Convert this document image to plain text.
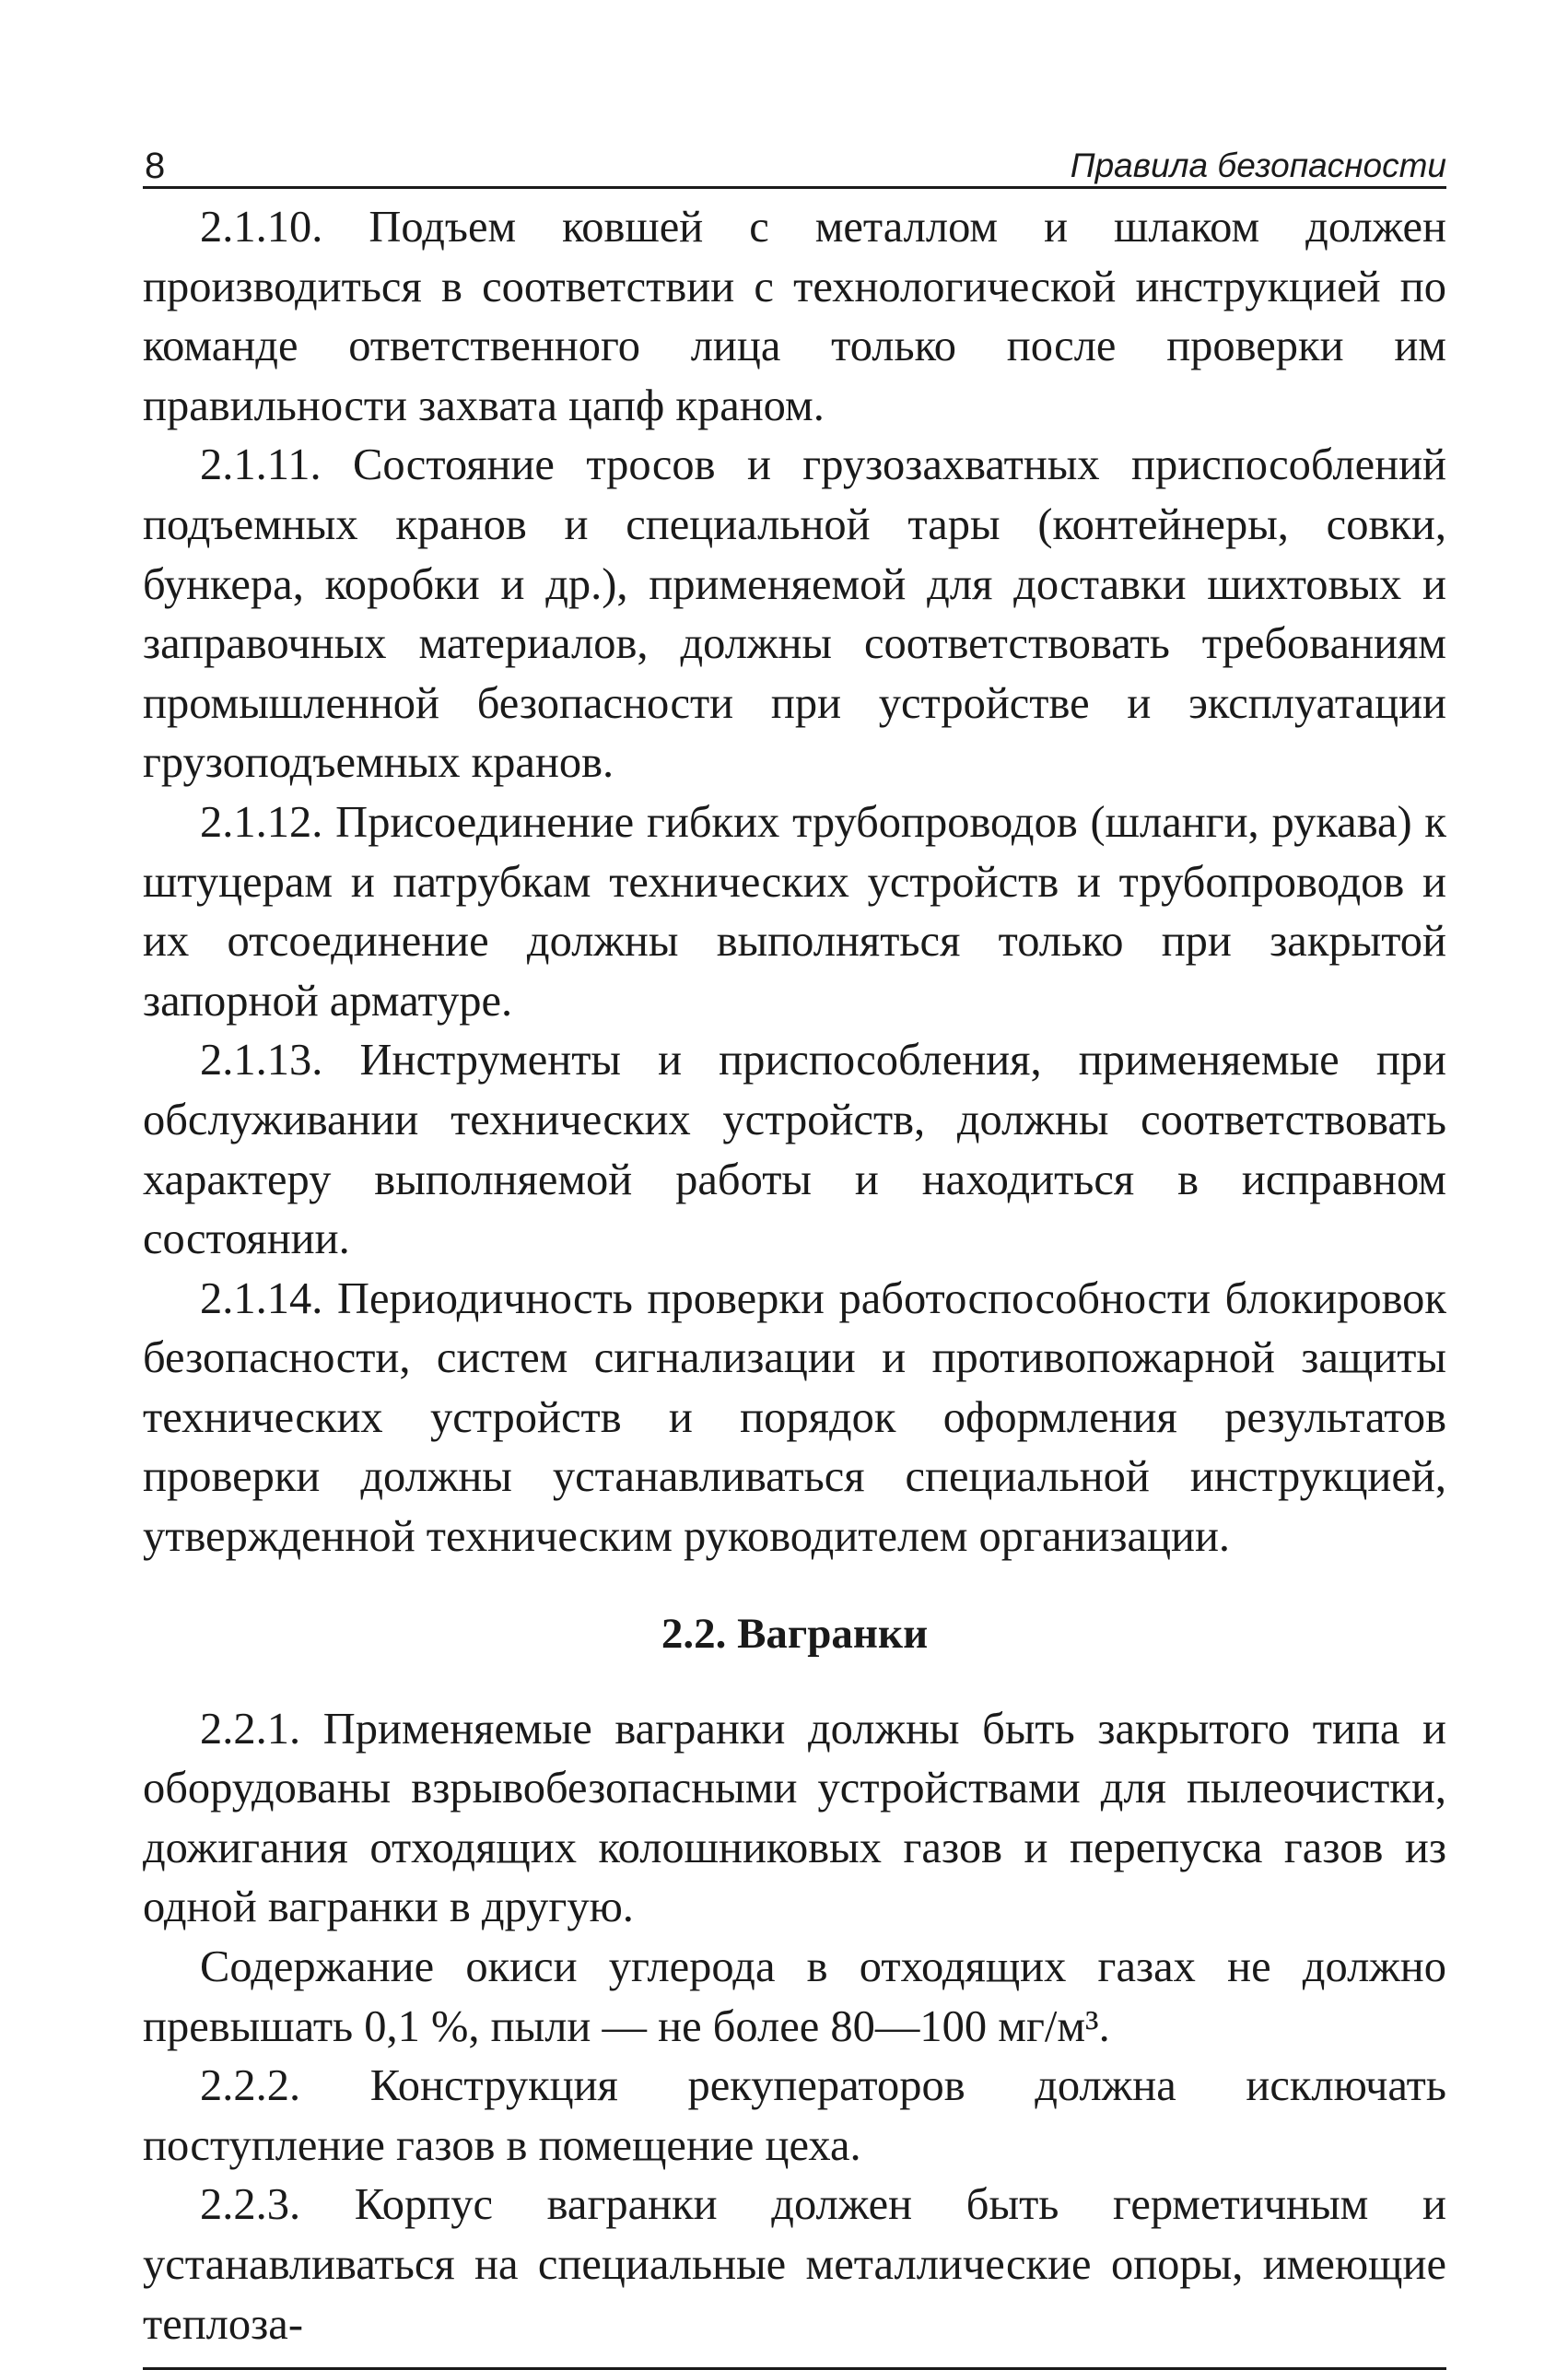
8	Правила безопасности

2.1.10. Подъем ковшей с металлом и шлаком должен производиться в соответствии с технологической инструкцией по команде ответственного лица только после проверки им правильности захвата цапф краном.

2.1.11. Состояние тросов и грузозахватных приспособлений подъемных кранов и специальной тары (контейнеры, совки, бункера, коробки и др.), применяемой для доставки шихтовых и заправочных материалов, должны соответствовать требованиям промышленной безопасности при устройстве и эксплуатации грузоподъемных кранов.

2.1.12. Присоединение гибких трубопроводов (шланги, рукава) к штуцерам и патрубкам технических устройств и трубопроводов и их отсоединение должны выполняться только при закрытой запорной арматуре.

2.1.13. Инструменты и приспособления, применяемые при обслуживании технических устройств, должны соответствовать характеру выполняемой работы и находиться в исправном состоянии.

2.1.14. Периодичность проверки работоспособности блокировок безопасности, систем сигнализации и противопожарной защиты технических устройств и порядок оформления результатов проверки должны устанавливаться специальной инструкцией, утвержденной техническим руководителем организации.

2.2. Вагранки

2.2.1. Применяемые вагранки должны быть закрытого типа и оборудованы взрывобезопасными устройствами для пылеочистки, дожигания отходящих колошниковых газов и перепуска газов из одной вагранки в другую.

Содержание окиси углерода в отходящих газах не должно превышать 0,1 %, пыли — не более 80—100 мг/м³.

2.2.2. Конструкция рекуператоров должна исключать поступление газов в помещение цеха.

2.2.3. Корпус вагранки должен быть герметичным и устанавливаться на специальные металлические опоры, имеющие теплоза-
